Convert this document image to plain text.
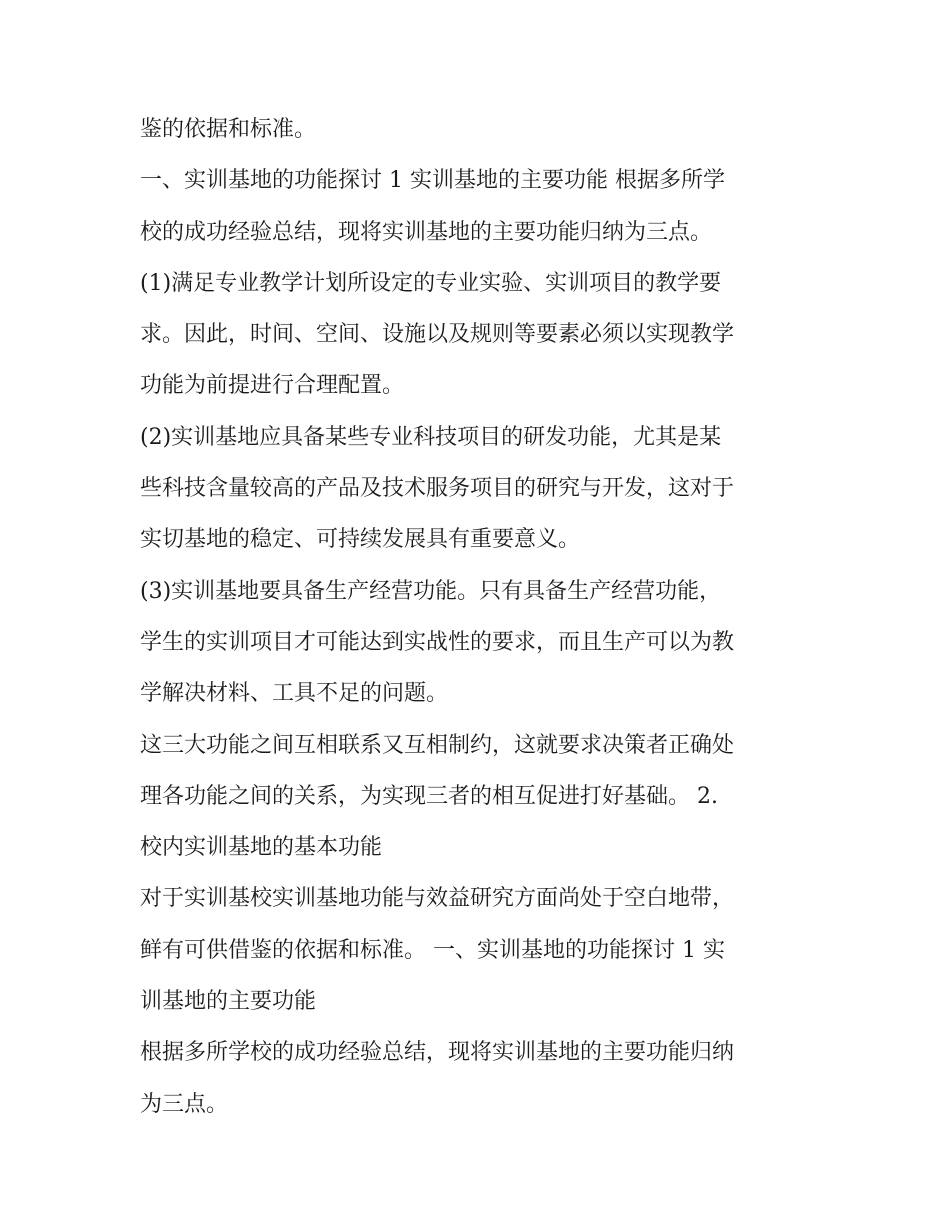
鉴的依据和标准。
一、实训基地的功能探讨 1 实训基地的主要功能 根据多所学
校的成功经验总结，现将实训基地的主要功能归纳为三点。
(1)满足专业教学计划所设定的专业实验、实训项目的教学要
求。因此，时间、空间、设施以及规则等要素必须以实现教学
功能为前提进行合理配置。
(2)实训基地应具备某些专业科技项目的研发功能，尤其是某
些科技含量较高的产品及技术服务项目的研究与开发，这对于
实切基地的稳定、可持续发展具有重要意义。
(3)实训基地要具备生产经营功能。只有具备生产经营功能，
学生的实训项目才可能达到实战性的要求，而且生产可以为教
学解决材料、工具不足的问题。
这三大功能之间互相联系又互相制约，这就要求决策者正确处
理各功能之间的关系，为实现三者的相互促进打好基础。 2.
校内实训基地的基本功能
对于实训基校实训基地功能与效益研究方面尚处于空白地带，
鲜有可供借鉴的依据和标准。 一、实训基地的功能探讨 1 实
训基地的主要功能
根据多所学校的成功经验总结，现将实训基地的主要功能归纳
为三点。
